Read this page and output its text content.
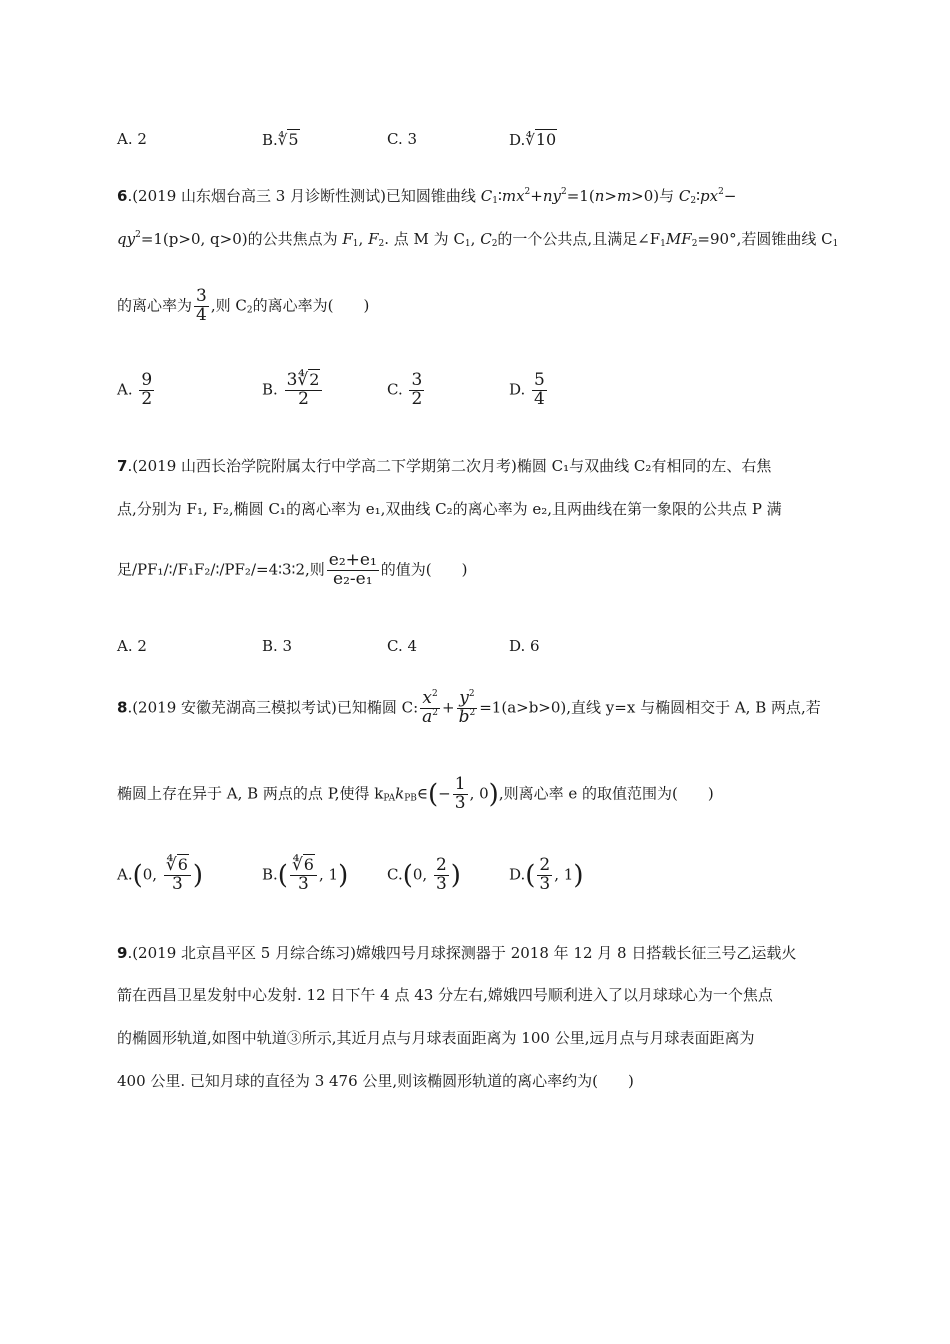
A. 2	B.∜5	C. 3	D.∜10
6.(2019 山东烟台高三 3 月诊断性测试)已知圆锥曲线 $C_1∶mx^2+ny^2=1(n>m>0)$与 $C_2∶px^2-$
$qy^2=1(p>0$, q>0)的公共焦点为 $F_1$, $F_2$. 点 M 为 $C_1$, $C_2$的一个公共点,且满足$\angle F_1MF_2=90^\circ$,若圆锥曲线 $C_1$
的离心率为 $\frac{3}{4}$ ,则 $C_2$的离心率为(　　)
A. $\frac{9}{2}$	B. $\frac{3∜2}{2}$	C. $\frac{3}{2}$	D. $\frac{5}{4}$
7.(2019 山西长治学院附属太行中学高二下学期第二次月考)椭圆 C₁与双曲线 C₂有相同的左、右焦
点,分别为 F₁, F₂,椭圆 C₁的离心率为 e₁,双曲线 C₂的离心率为 e₂,且两曲线在第一象限的公共点 P 满
足/PF₁/∶/F₁F₂/∶/PF₂/=4∶3∶2,则 $\frac{\text{e₂+e₁}}{\text{e₂-e₁}}$ 的值为(　　)
A. 2	B. 3	C. 4	D. 6
8.(2019 安徽芜湖高三模拟考试)已知椭圆 C: $\frac{x^2}{a^2} + \frac{y^2}{b^2} =1(a>b>0)$,直线 y=x 与椭圆相交于 A, B 两点,若
椭圆上存在异于 A, B 两点的点 P,使得 $k_{PA}k_{PB}\in(- \frac{1}{3}$ , 0),则离心率 e 的取值范围为(　　)
A.(0, $\frac{∜6}{3}$ )	$B.( \frac{∜6}{3}$ , 1)	C.(0, $\frac{2}{3}$ )	$D.( \frac{2}{3}$ , 1)
9.(2019 北京昌平区 5 月综合练习)嫦娥四号月球探测器于 2018 年 12 月 8 日搭载长征三号乙运载火
箭在西昌卫星发射中心发射. 12 日下午 4 点 43 分左右,嫦娥四号顺利进入了以月球球心为一个焦点
的椭圆形轨道,如图中轨道③所示,其近月点与月球表面距离为 100 公里,远月点与月球表面距离为
400 公里. 已知月球的直径为 3 476 公里,则该椭圆形轨道的离心率约为(　　)
